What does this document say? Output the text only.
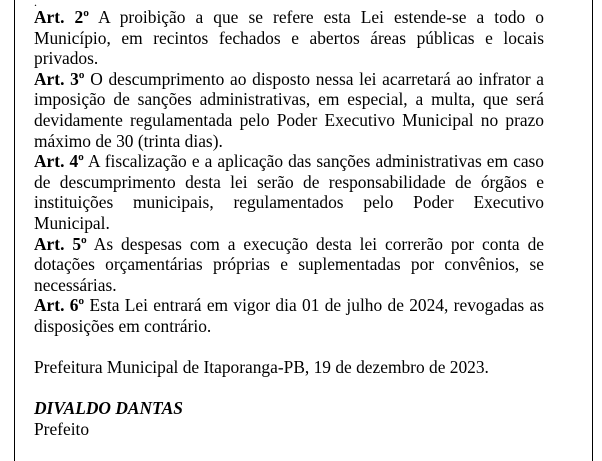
.

Art. 2º A proibição a que se refere esta Lei estende-se a todo o Município, em recintos fechados e abertos áreas públicas e locais privados.

Art. 3º O descumprimento ao disposto nessa lei acarretará ao infrator a imposição de sanções administrativas, em especial, a multa, que será devidamente regulamentada pelo Poder Executivo Municipal no prazo máximo de 30 (trinta dias).

Art. 4º A fiscalização e a aplicação das sanções administrativas em caso de descumprimento desta lei serão de responsabilidade de órgãos e instituições municipais, regulamentados pelo Poder Executivo Municipal.

Art. 5º As despesas com a execução desta lei correrão por conta de dotações orçamentárias próprias e suplementadas por convênios, se necessárias.

Art. 6º Esta Lei entrará em vigor dia 01 de julho de 2024, revogadas as disposições em contrário.

Prefeitura Municipal de Itaporanga-PB, 19 de dezembro de 2023.
DIVALDO DANTAS
Prefeito
